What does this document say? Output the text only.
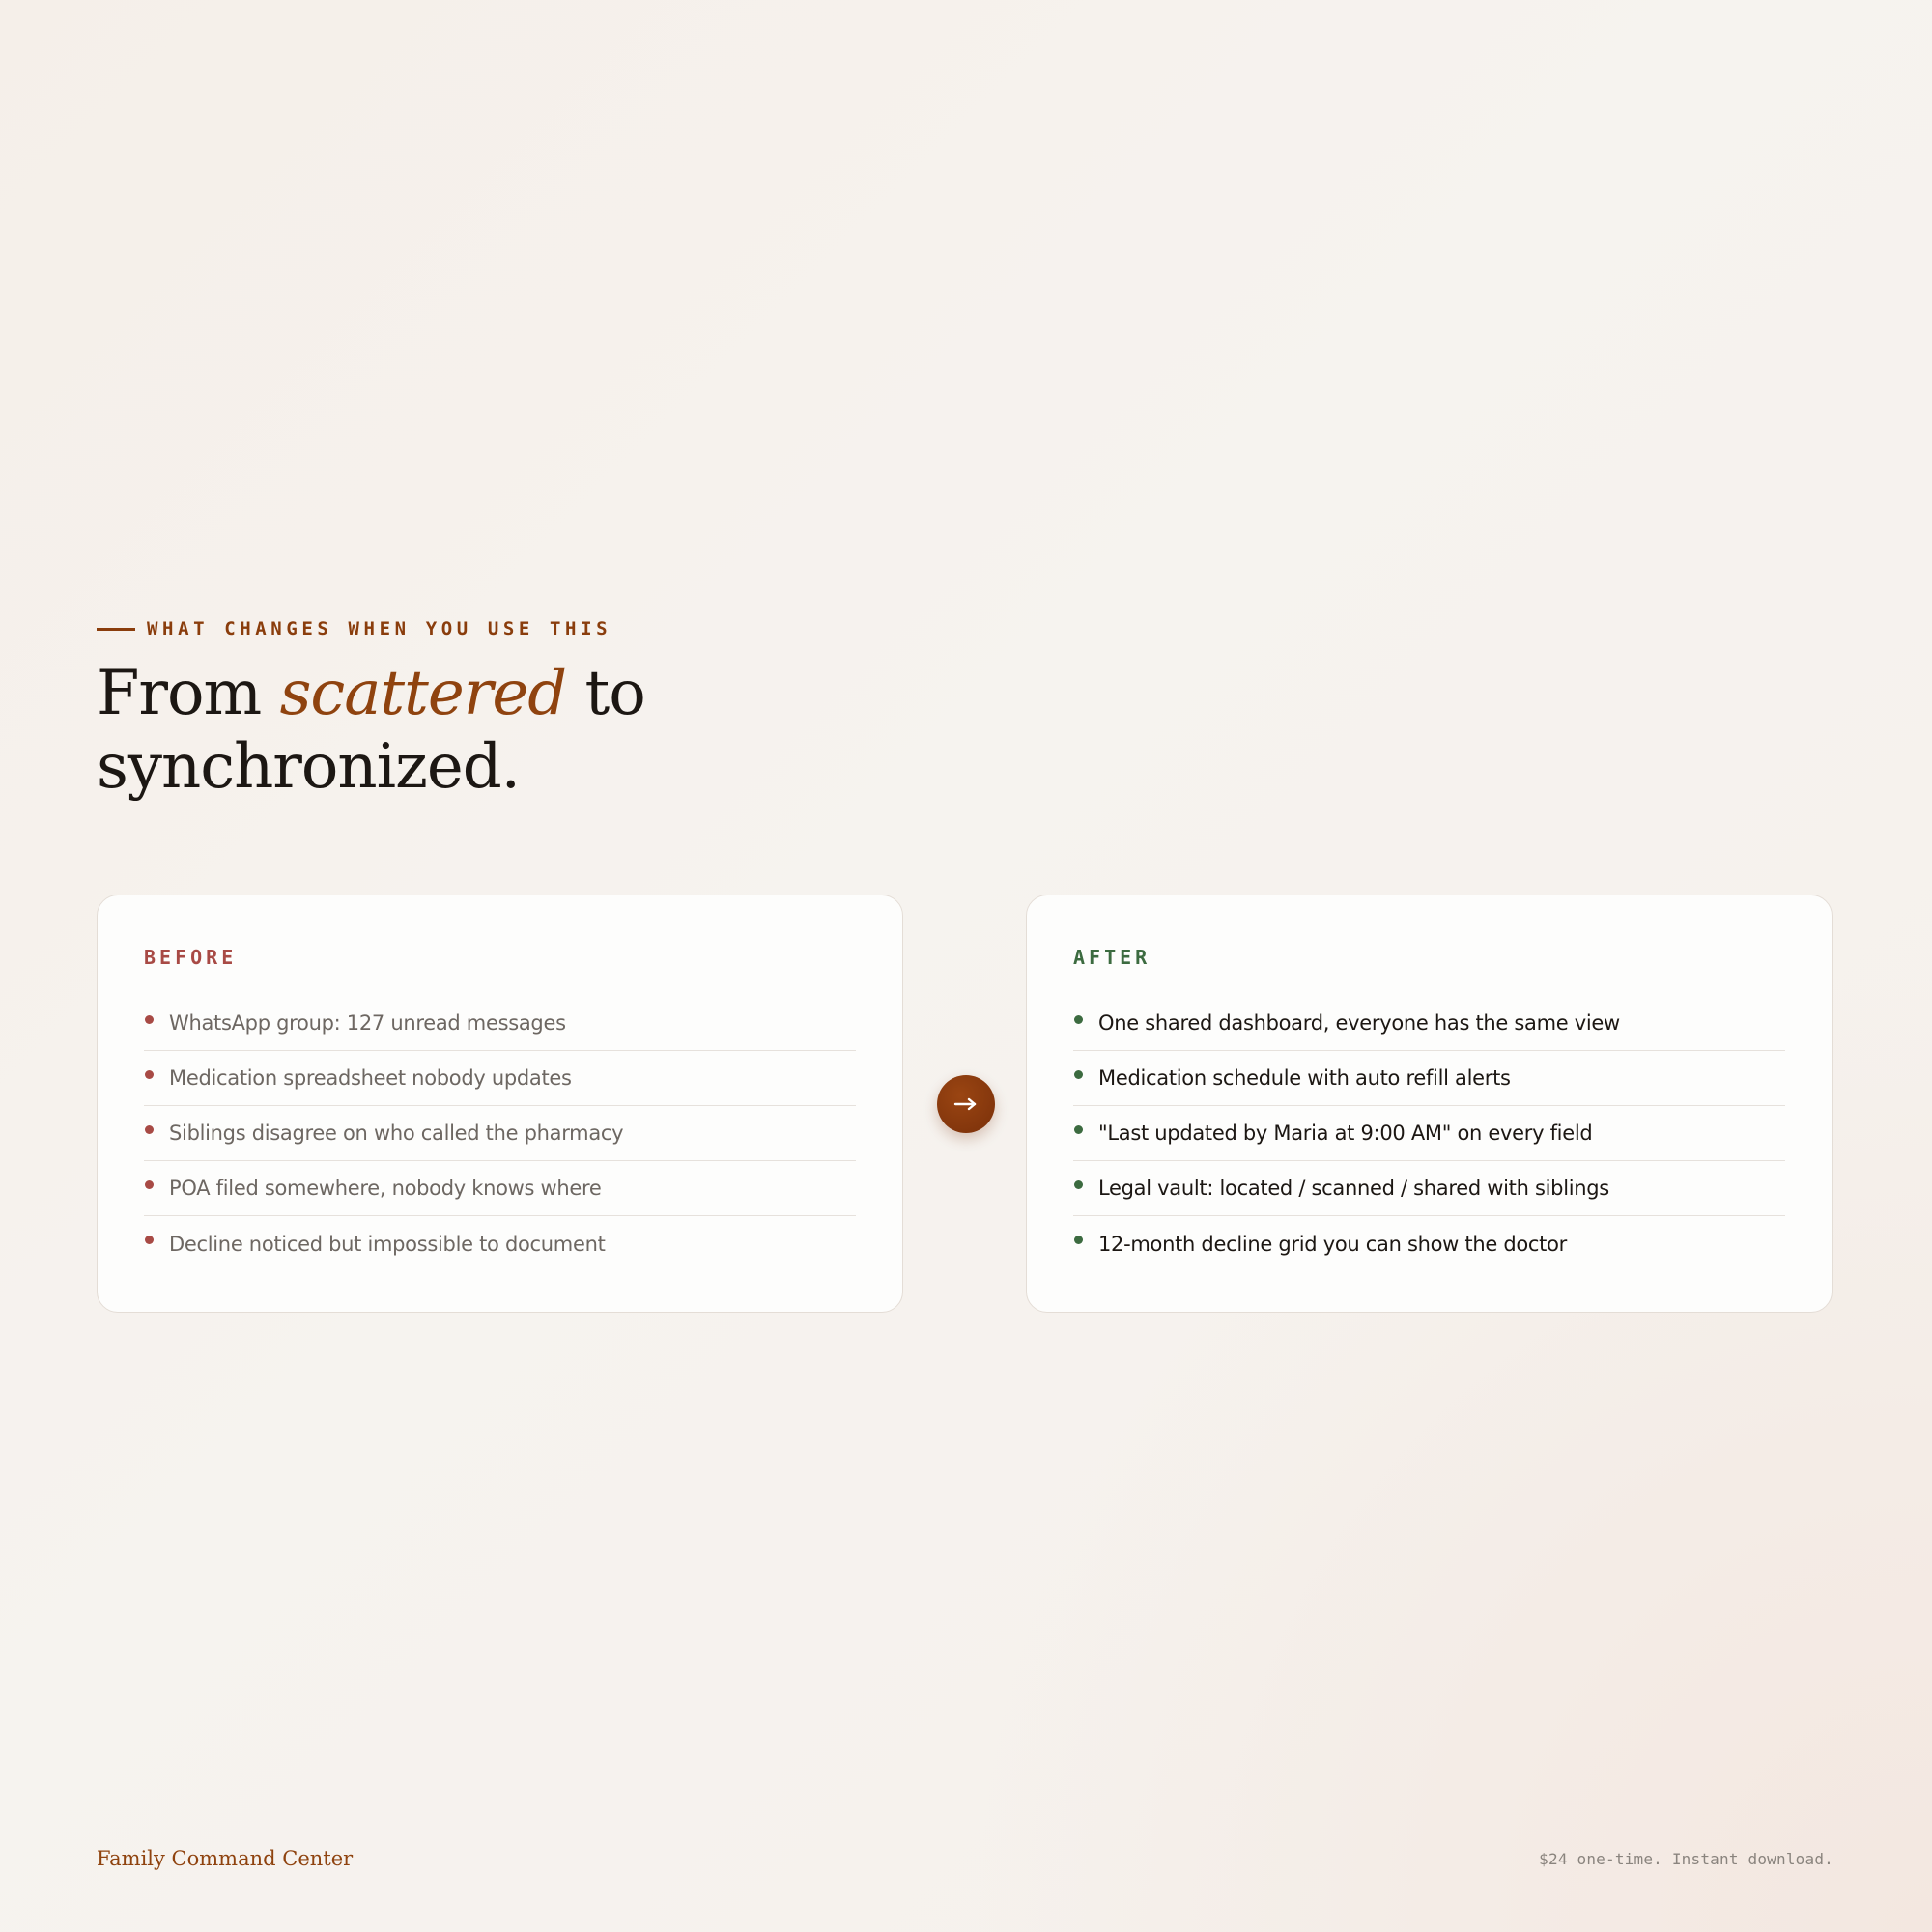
WHAT CHANGES WHEN YOU USE THIS
From scattered to
synchronized.
BEFORE
WhatsApp group: 127 unread messages
Medication spreadsheet nobody updates
Siblings disagree on who called the pharmacy
POA filed somewhere, nobody knows where
Decline noticed but impossible to document
AFTER
One shared dashboard, everyone has the same view
Medication schedule with auto refill alerts
"Last updated by Maria at 9:00 AM" on every field
Legal vault: located / scanned / shared with siblings
12-month decline grid you can show the doctor
Family Command Center	$24 one-time. Instant download.
